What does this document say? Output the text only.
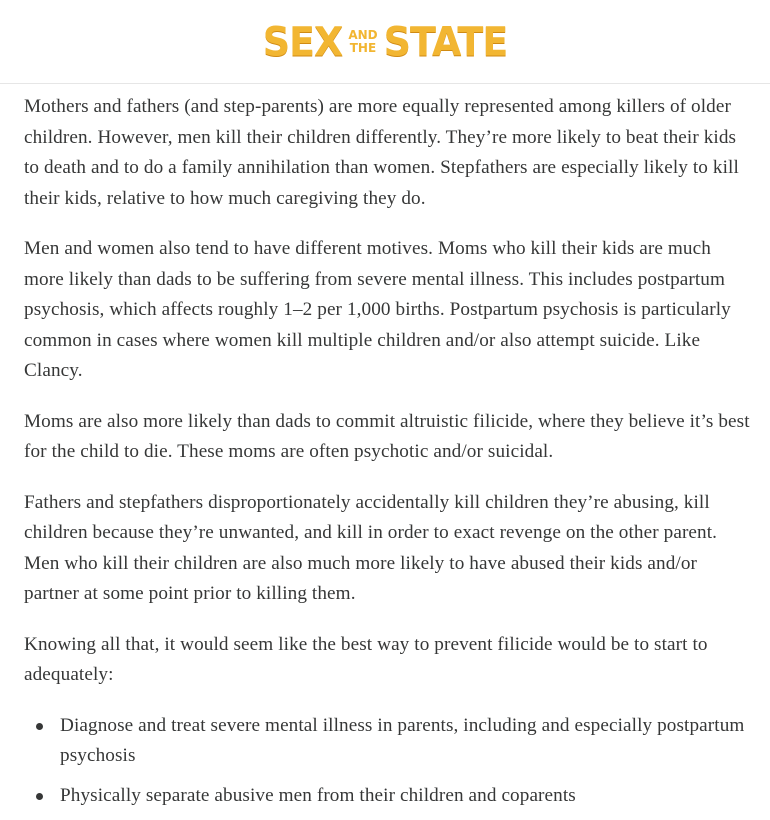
SEX AND
THE STATE

Mothers and fathers (and step-parents) are more equally represented among killers of older children. However, men kill their children differently. They’re more likely to beat their kids to death and to do a family annihilation than women. Stepfathers are especially likely to kill their kids, relative to how much caregiving they do.

Men and women also tend to have different motives. Moms who kill their kids are much more likely than dads to be suffering from severe mental illness. This includes postpartum psychosis, which affects roughly 1–2 per 1,000 births. Postpartum psychosis is particularly common in cases where women kill multiple children and/or also attempt suicide. Like Clancy.

Moms are also more likely than dads to commit altruistic filicide, where they believe it’s best for the child to die. These moms are often psychotic and/or suicidal.

Fathers and stepfathers disproportionately accidentally kill children they’re abusing, kill children because they’re unwanted, and kill in order to exact revenge on the other parent. Men who kill their children are also much more likely to have abused their kids and/or partner at some point prior to killing them.

Knowing all that, it would seem like the best way to prevent filicide would be to start to adequately:

Diagnose and treat severe mental illness in parents, including and especially postpartum psychosis
Physically separate abusive men from their children and coparents
